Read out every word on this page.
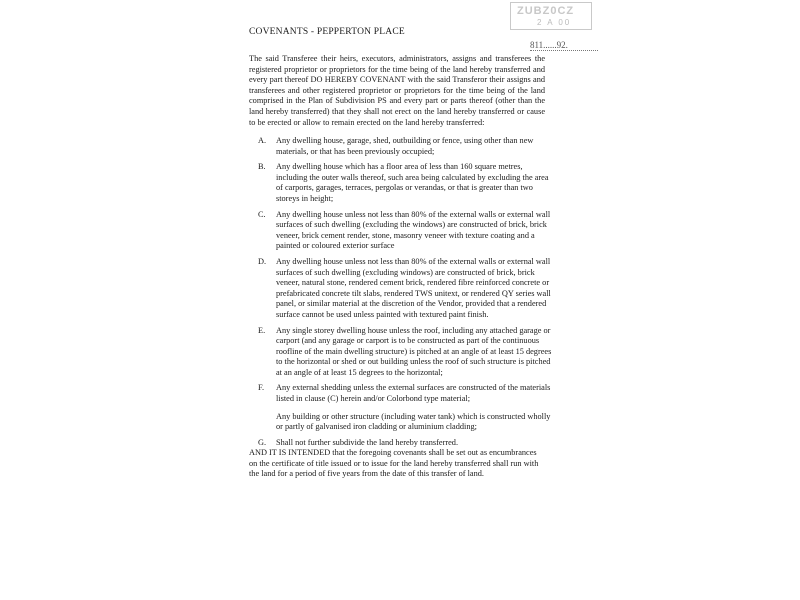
ZUBZ0CZ
2 A 00
811......92.
COVENANTS - PEPPERTON PLACE

The said Transferee their heirs, executors, administrators, assigns and transferees the registered proprietor or proprietors for the time being of the land hereby transferred and every part thereof DO HEREBY COVENANT with the said Transferor their assigns and transferees and other registered proprietor or proprietors for the time being of the land comprised in the Plan of Subdivision PS and every part or parts thereof (other than the land hereby transferred) that they shall not erect on the land hereby transferred or cause to be erected or allow to remain erected on the land hereby transferred:

A. Any dwelling house, garage, shed, outbuilding or fence, using other than new materials, or that has been previously occupied;
B. Any dwelling house which has a floor area of less than 160 square metres, including the outer walls thereof, such area being calculated by excluding the area of carports, garages, terraces, pergolas or verandas, or that is greater than two storeys in height;
C. Any dwelling house unless not less than 80% of the external walls or external wall surfaces of such dwelling (excluding the windows) are constructed of brick, brick veneer, brick cement render, stone, masonry veneer with texture coating and a painted or coloured exterior surface
D. Any dwelling house unless not less than 80% of the external walls or external wall surfaces of such dwelling (excluding windows) are constructed of brick, brick veneer, natural stone, rendered cement brick, rendered fibre reinforced concrete or prefabricated concrete tilt slabs, rendered TWS unitext, or rendered QY series wall panel, or similar material at the discretion of the Vendor, provided that a rendered surface cannot be used unless painted with textured paint finish.
E. Any single storey dwelling house unless the roof, including any attached garage or carport (and any garage or carport is to be constructed as part of the continuous roofline of the main dwelling structure) is pitched at an angle of at least 15 degrees to the horizontal or shed or out building unless the roof of such structure is pitched at an angle of at least 15 degrees to the horizontal;
F. Any external shedding unless the external surfaces are constructed of the materials listed in clause (C) herein and/or Colorbond type material;
Any building or other structure (including water tank) which is constructed wholly or partly of galvanised iron cladding or aluminium cladding;
G. Shall not further subdivide the land hereby transferred.

AND IT IS INTENDED that the foregoing covenants shall be set out as encumbrances on the certificate of title issued or to issue for the land hereby transferred shall run with the land for a period of five years from the date of this transfer of land.
